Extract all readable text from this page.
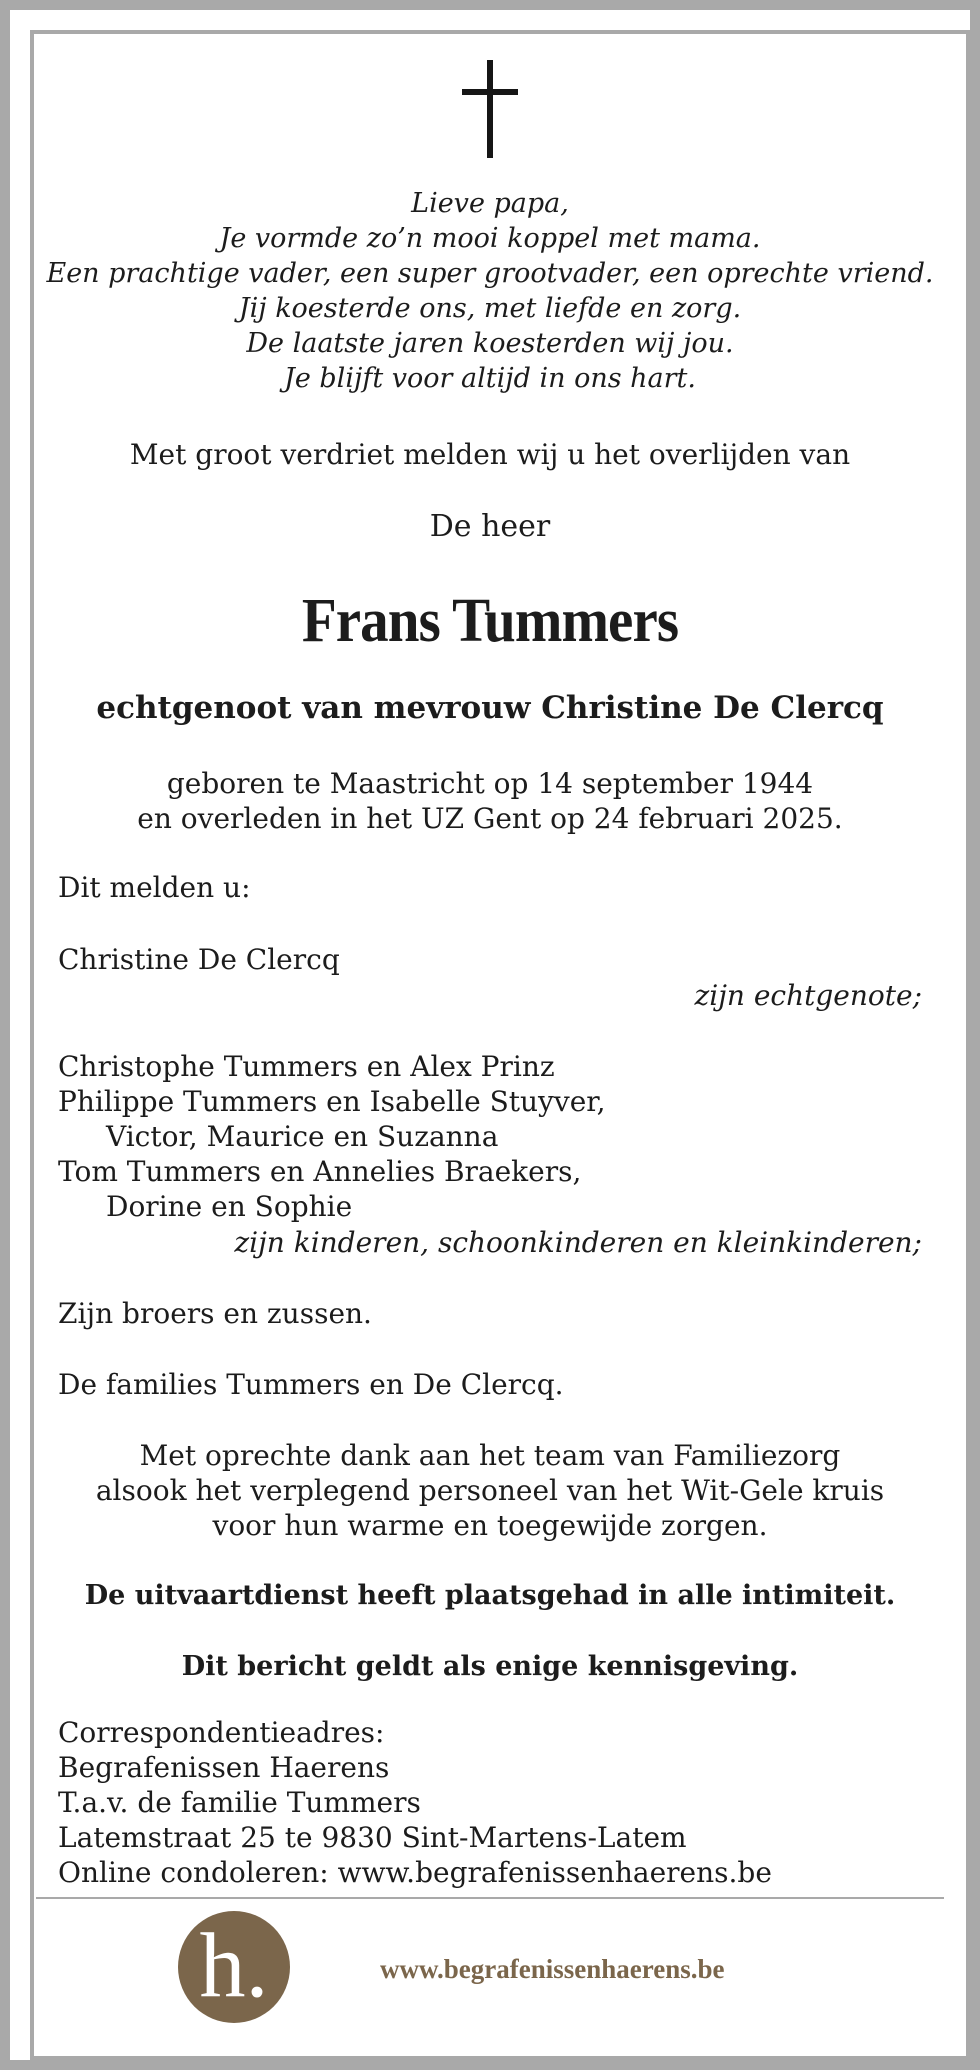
Lieve papa,
Je vormde zo’n mooi koppel met mama.
Een prachtige vader, een super grootvader, een oprechte vriend.
Jij koesterde ons, met liefde en zorg.
De laatste jaren koesterden wij jou.
Je blijft voor altijd in ons hart.
Met groot verdriet melden wij u het overlijden van
De heer
Frans Tummers
echtgenoot van mevrouw Christine De Clercq
geboren te Maastricht op 14 september 1944
en overleden in het UZ Gent op 24 februari 2025.
Dit melden u:
Christine De Clercq
zijn echtgenote;
Christophe Tummers en Alex Prinz
Philippe Tummers en Isabelle Stuyver,
Victor, Maurice en Suzanna
Tom Tummers en Annelies Braekers,
Dorine en Sophie
zijn kinderen, schoonkinderen en kleinkinderen;
Zijn broers en zussen.
De families Tummers en De Clercq.
Met oprechte dank aan het team van Familiezorg
alsook het verplegend personeel van het Wit-Gele kruis
voor hun warme en toegewijde zorgen.
De uitvaartdienst heeft plaatsgehad in alle intimiteit.
Dit bericht geldt als enige kennisgeving.
Correspondentieadres:
Begrafenissen Haerens
T.a.v. de familie Tummers
Latemstraat 25 te 9830 Sint-Martens-Latem
Online condoleren: www.begrafenissenhaerens.be
h.	www.begrafenissenhaerens.be
